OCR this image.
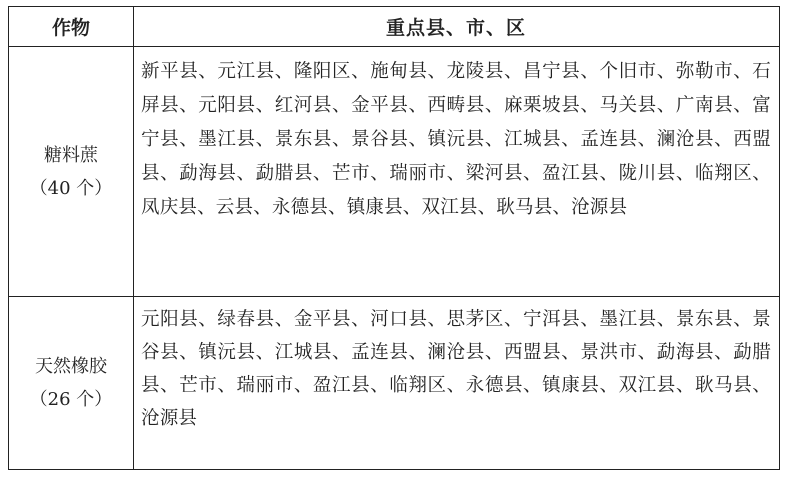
作物	重点县、市、区
糖料蔗
（40 个）
新平县、元江县、隆阳区、施甸县、龙陵县、昌宁县、个旧市、弥勒市、石屏县、元阳县、红河县、金平县、西畴县、麻栗坡县、马关县、广南县、富宁县、墨江县、景东县、景谷县、镇沅县、江城县、孟连县、澜沧县、西盟县、勐海县、勐腊县、芒市、瑞丽市、梁河县、盈江县、陇川县、临翔区、凤庆县、云县、永德县、镇康县、双江县、耿马县、沧源县
天然橡胶
（26 个）
元阳县、绿春县、金平县、河口县、思茅区、宁洱县、墨江县、景东县、景谷县、镇沅县、江城县、孟连县、澜沧县、西盟县、景洪市、勐海县、勐腊县、芒市、瑞丽市、盈江县、临翔区、永德县、镇康县、双江县、耿马县、沧源县
